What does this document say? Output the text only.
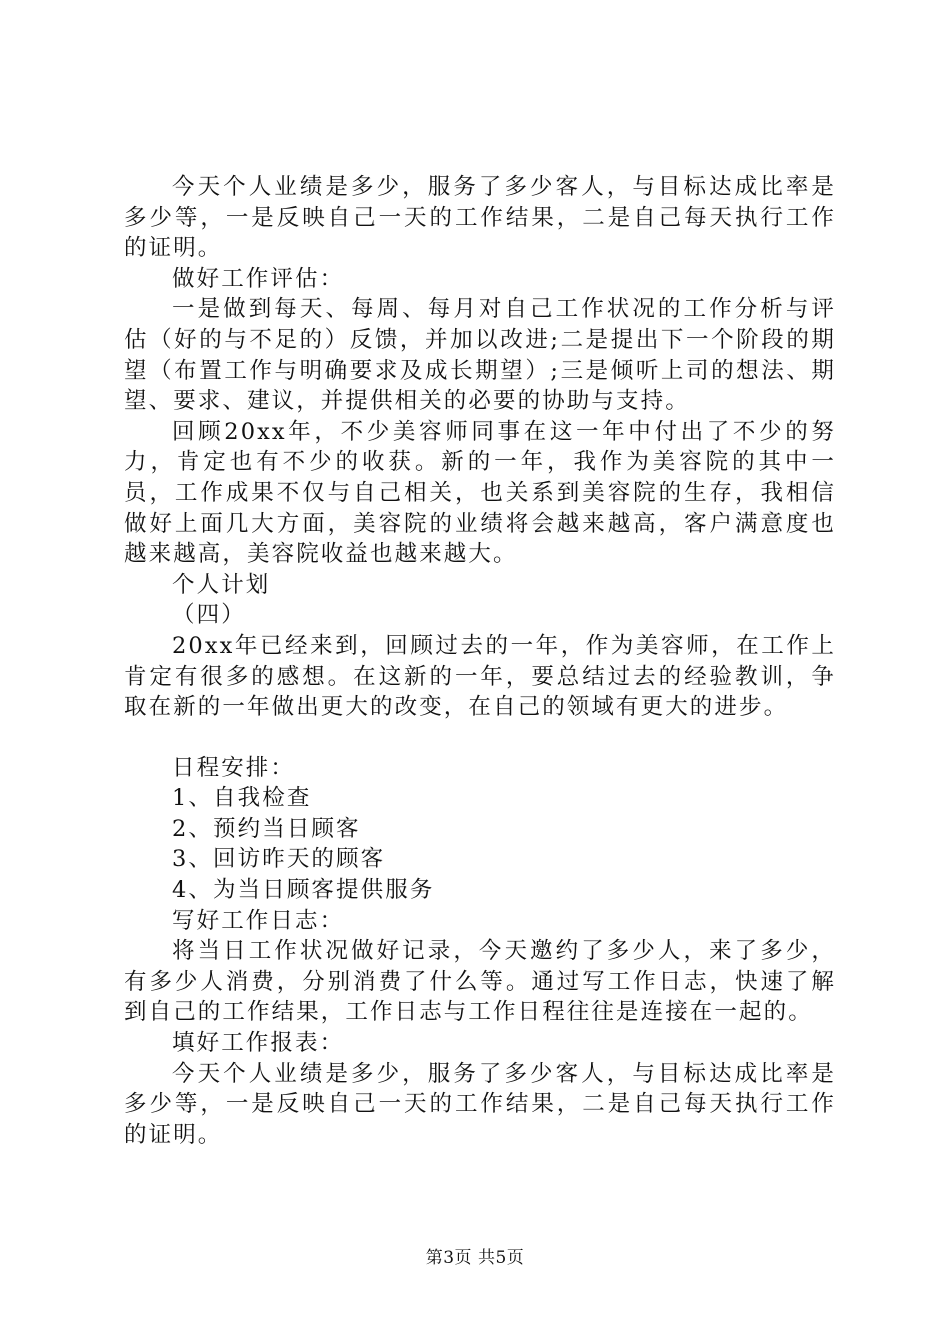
今天个人业绩是多少，服务了多少客人，与目标达成比率是多少等，一是反映自己一天的工作结果，二是自己每天执行工作的证明。

做好工作评估：

一是做到每天、每周、每月对自己工作状况的工作分析与评估（好的与不足的）反馈，并加以改进;二是提出下一个阶段的期望（布置工作与明确要求及成长期望）;三是倾听上司的想法、期望、要求、建议，并提供相关的必要的协助与支持。

回顾20xx年，不少美容师同事在这一年中付出了不少的努力，肯定也有不少的收获。新的一年，我作为美容院的其中一员，工作成果不仅与自己相关，也关系到美容院的生存，我相信做好上面几大方面，美容院的业绩将会越来越高，客户满意度也越来越高，美容院收益也越来越大。

个人计划

（四）

20xx年已经来到，回顾过去的一年，作为美容师，在工作上肯定有很多的感想。在这新的一年，要总结过去的经验教训，争取在新的一年做出更大的改变，在自己的领域有更大的进步。

日程安排：

1、自我检查

2、预约当日顾客

3、回访昨天的顾客

4、为当日顾客提供服务

写好工作日志：

将当日工作状况做好记录，今天邀约了多少人，来了多少，有多少人消费，分别消费了什么等。通过写工作日志，快速了解到自己的工作结果，工作日志与工作日程往往是连接在一起的。

填好工作报表：

今天个人业绩是多少，服务了多少客人，与目标达成比率是多少等，一是反映自己一天的工作结果，二是自己每天执行工作的证明。

第3页 共5页
